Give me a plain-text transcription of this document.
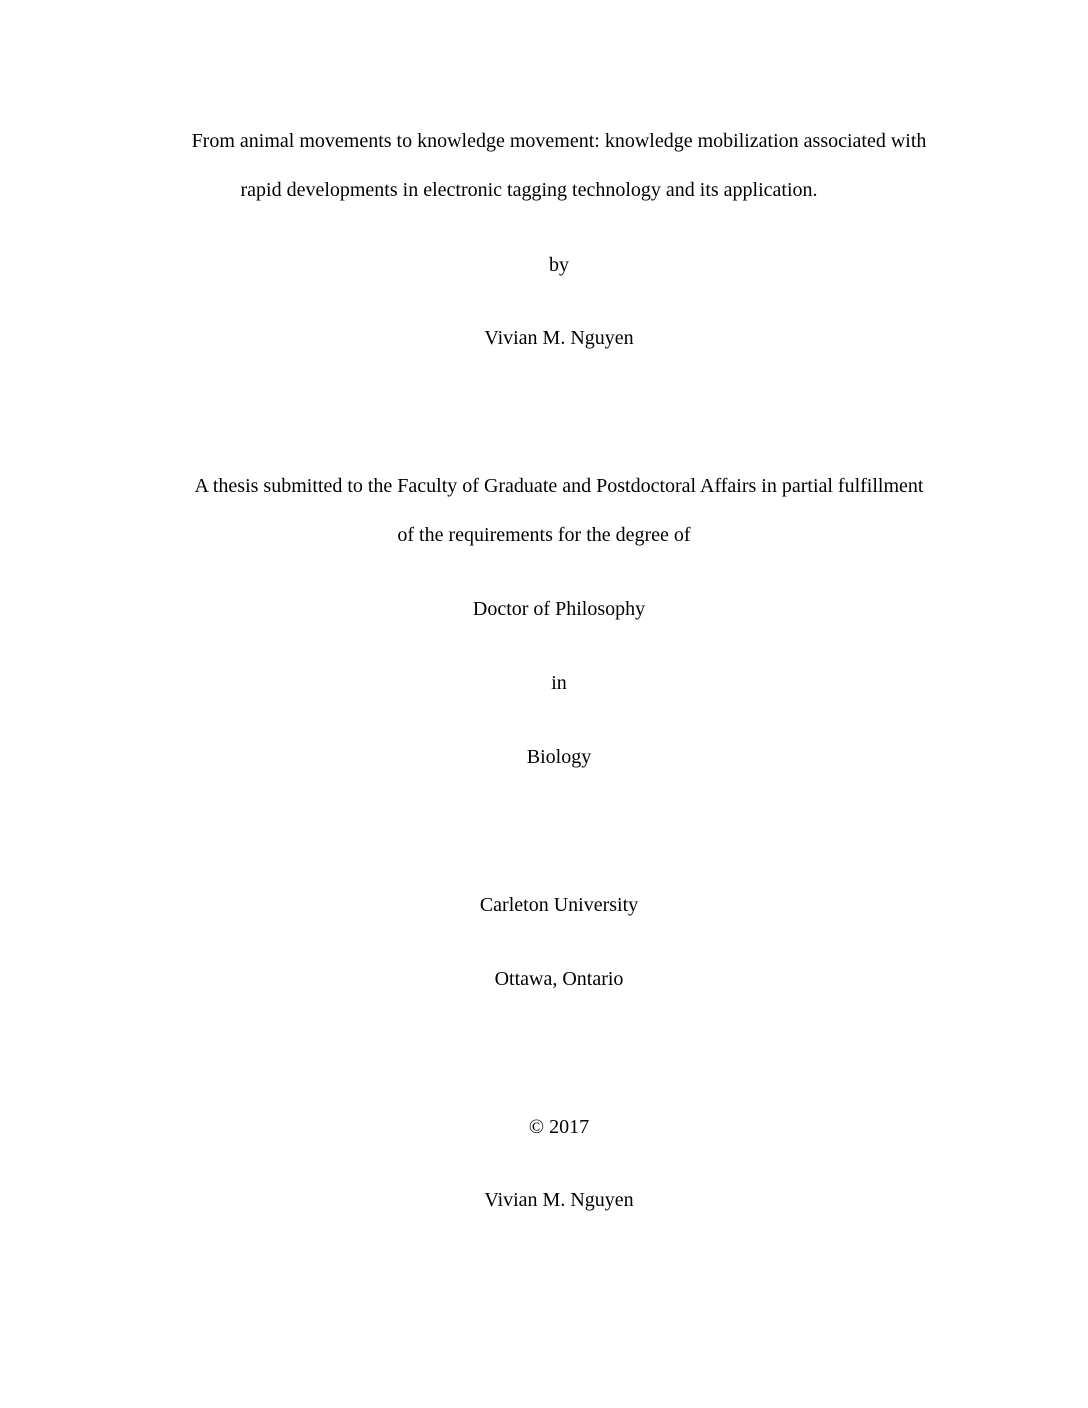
From animal movements to knowledge movement: knowledge mobilization associated with
rapid developments in electronic tagging technology and its application.
by
Vivian M. Nguyen
A thesis submitted to the Faculty of Graduate and Postdoctoral Affairs in partial fulfillment
of the requirements for the degree of
Doctor of Philosophy
in
Biology
Carleton University
Ottawa, Ontario
© 2017
Vivian M. Nguyen
